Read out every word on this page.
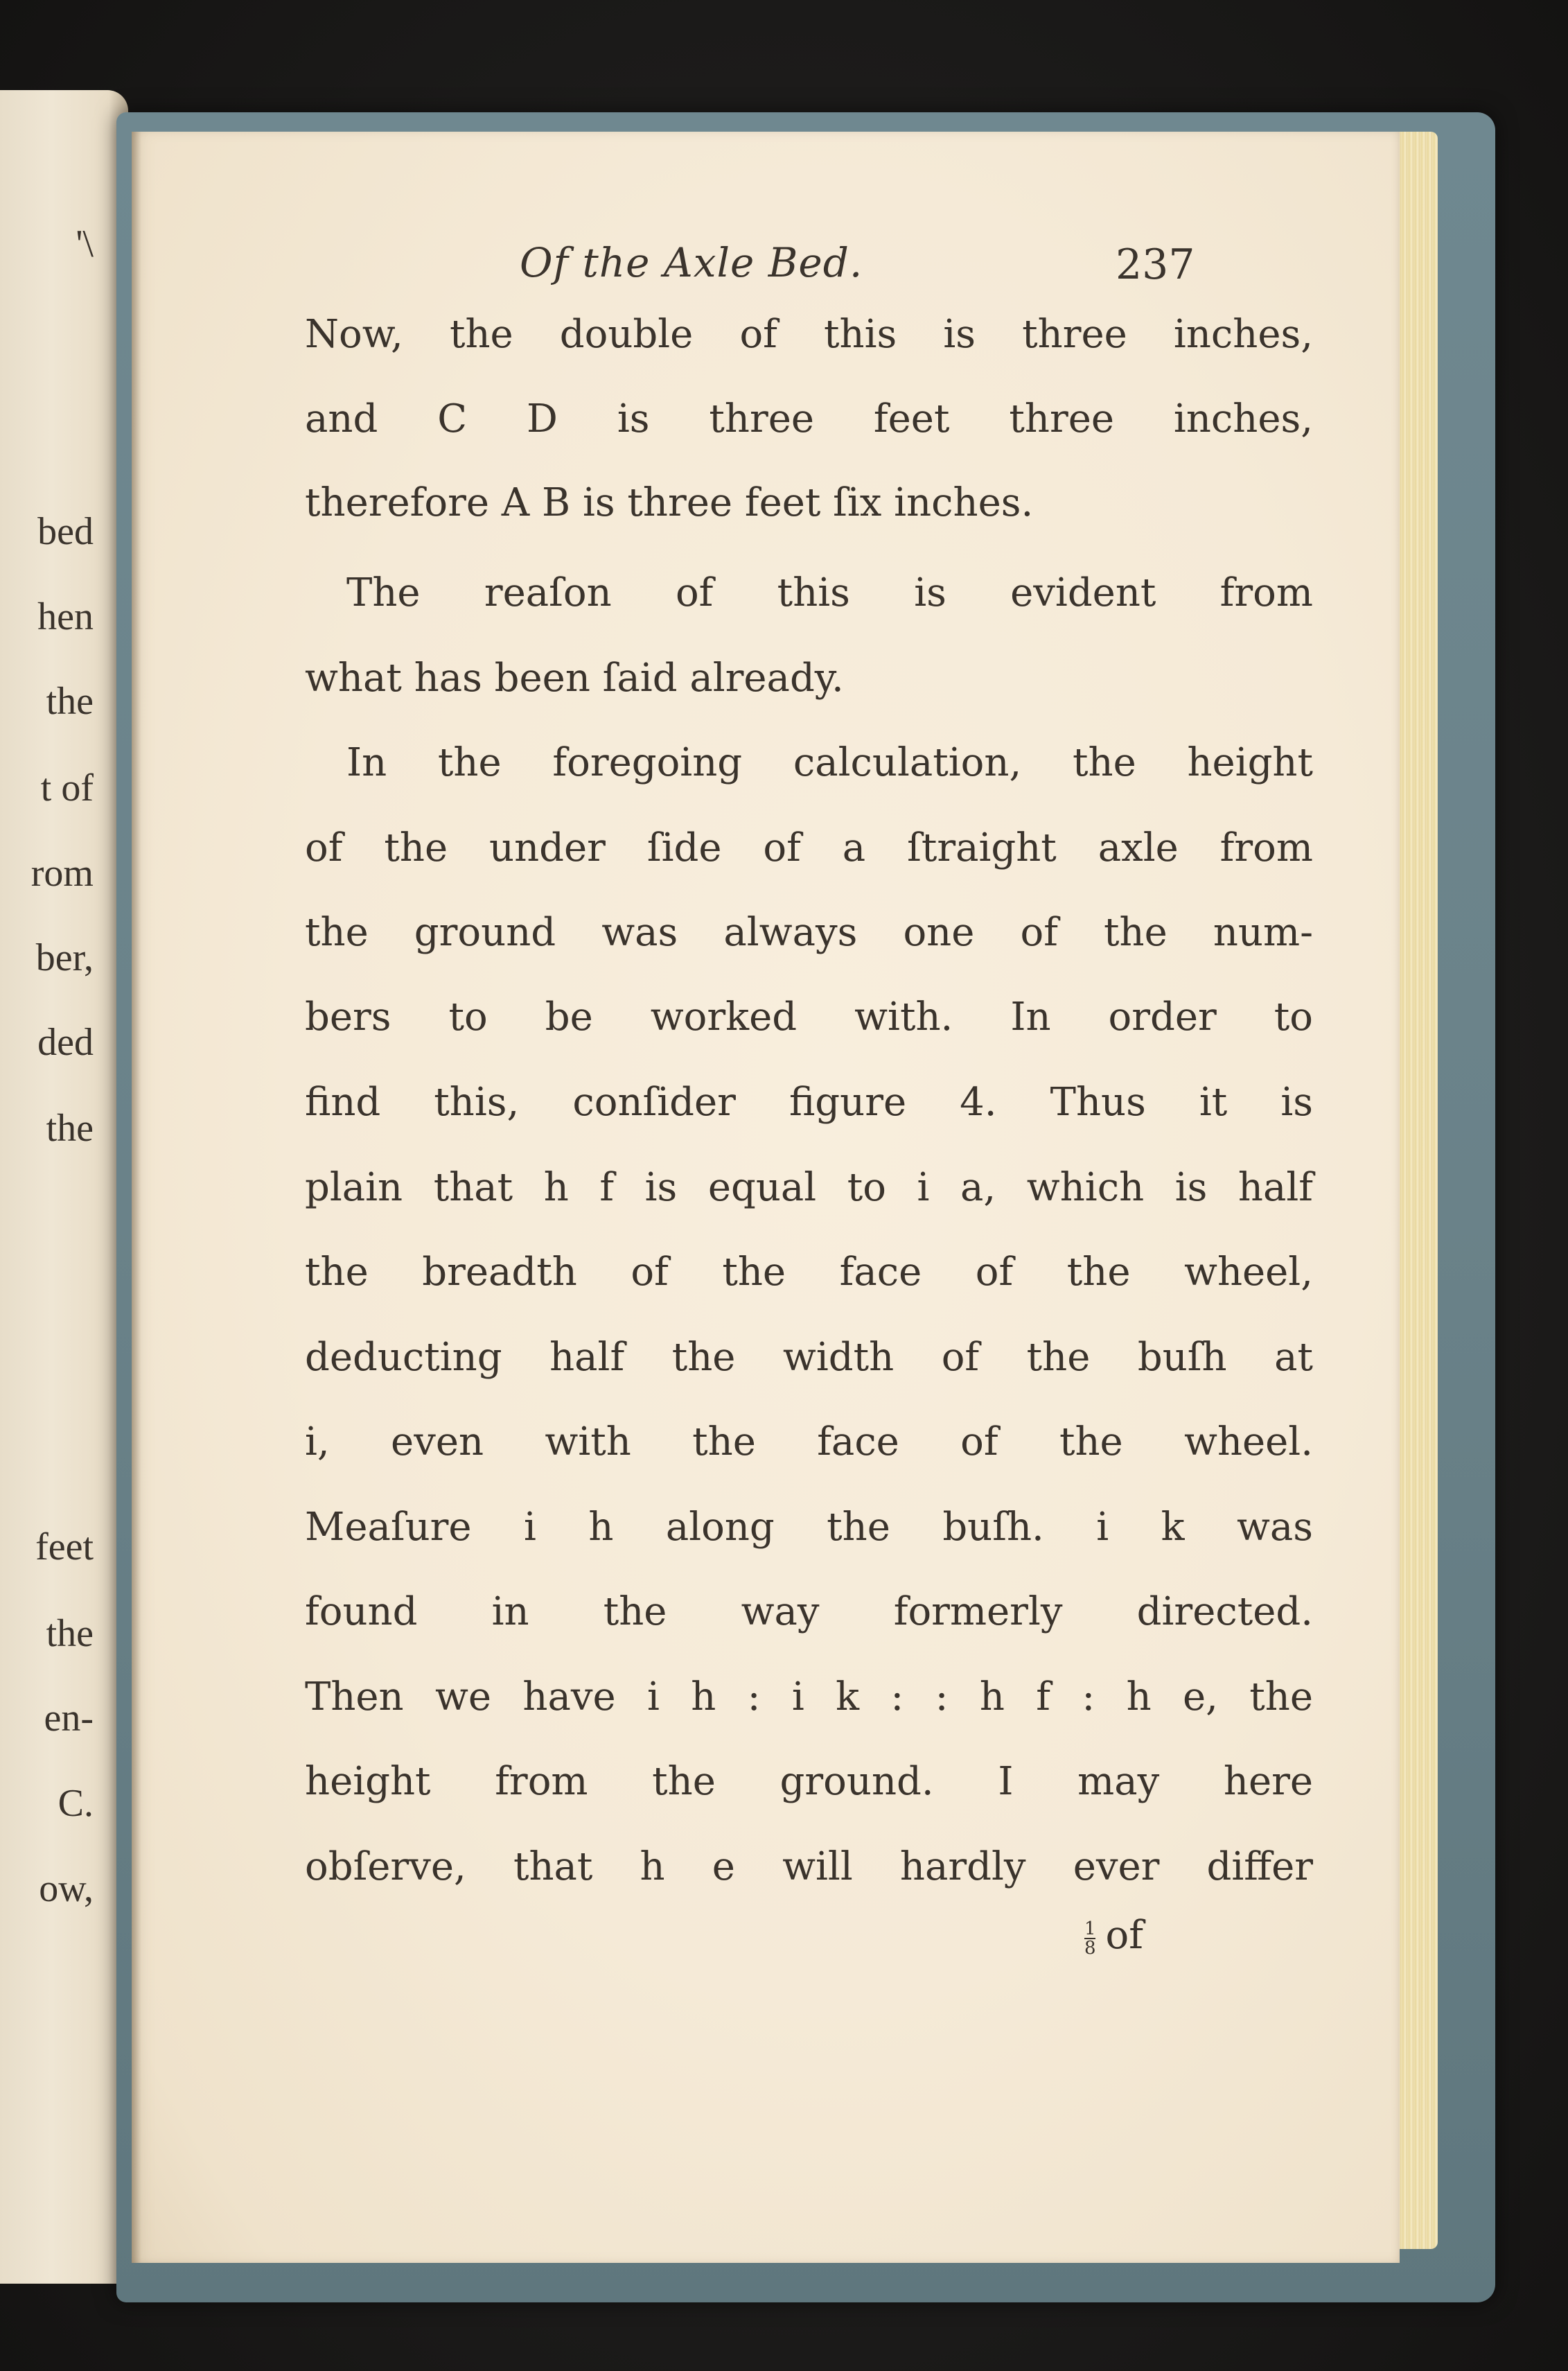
'\
bed
hen
the
t of
rom
ber,
ded
the
feet
the
en-
C.
ow,
Of the Axle Bed.	237
Now, the double of this is three inches,
and C D is three feet three inches,
therefore A B is three feet ſix inches.
The reaſon of this is evident from
what has been ſaid already.
In the foregoing calculation, the height
of the under ſide of a ſtraight axle from
the ground was always one of the num-
bers to be worked with. In order to
find this, conſider figure 4. Thus it is
plain that h f is equal to i a, which is half
the breadth of the face of the wheel,
deducting half the width of the buſh at
i, even with the face of the wheel.
Meaſure i h along the buſh. i k was
found in the way formerly directed.
Then we have i h : i k : : h f : h e, the
height from the ground. I may here
obſerve, that h e will hardly ever differ
$\frac{1}{8}$ of
